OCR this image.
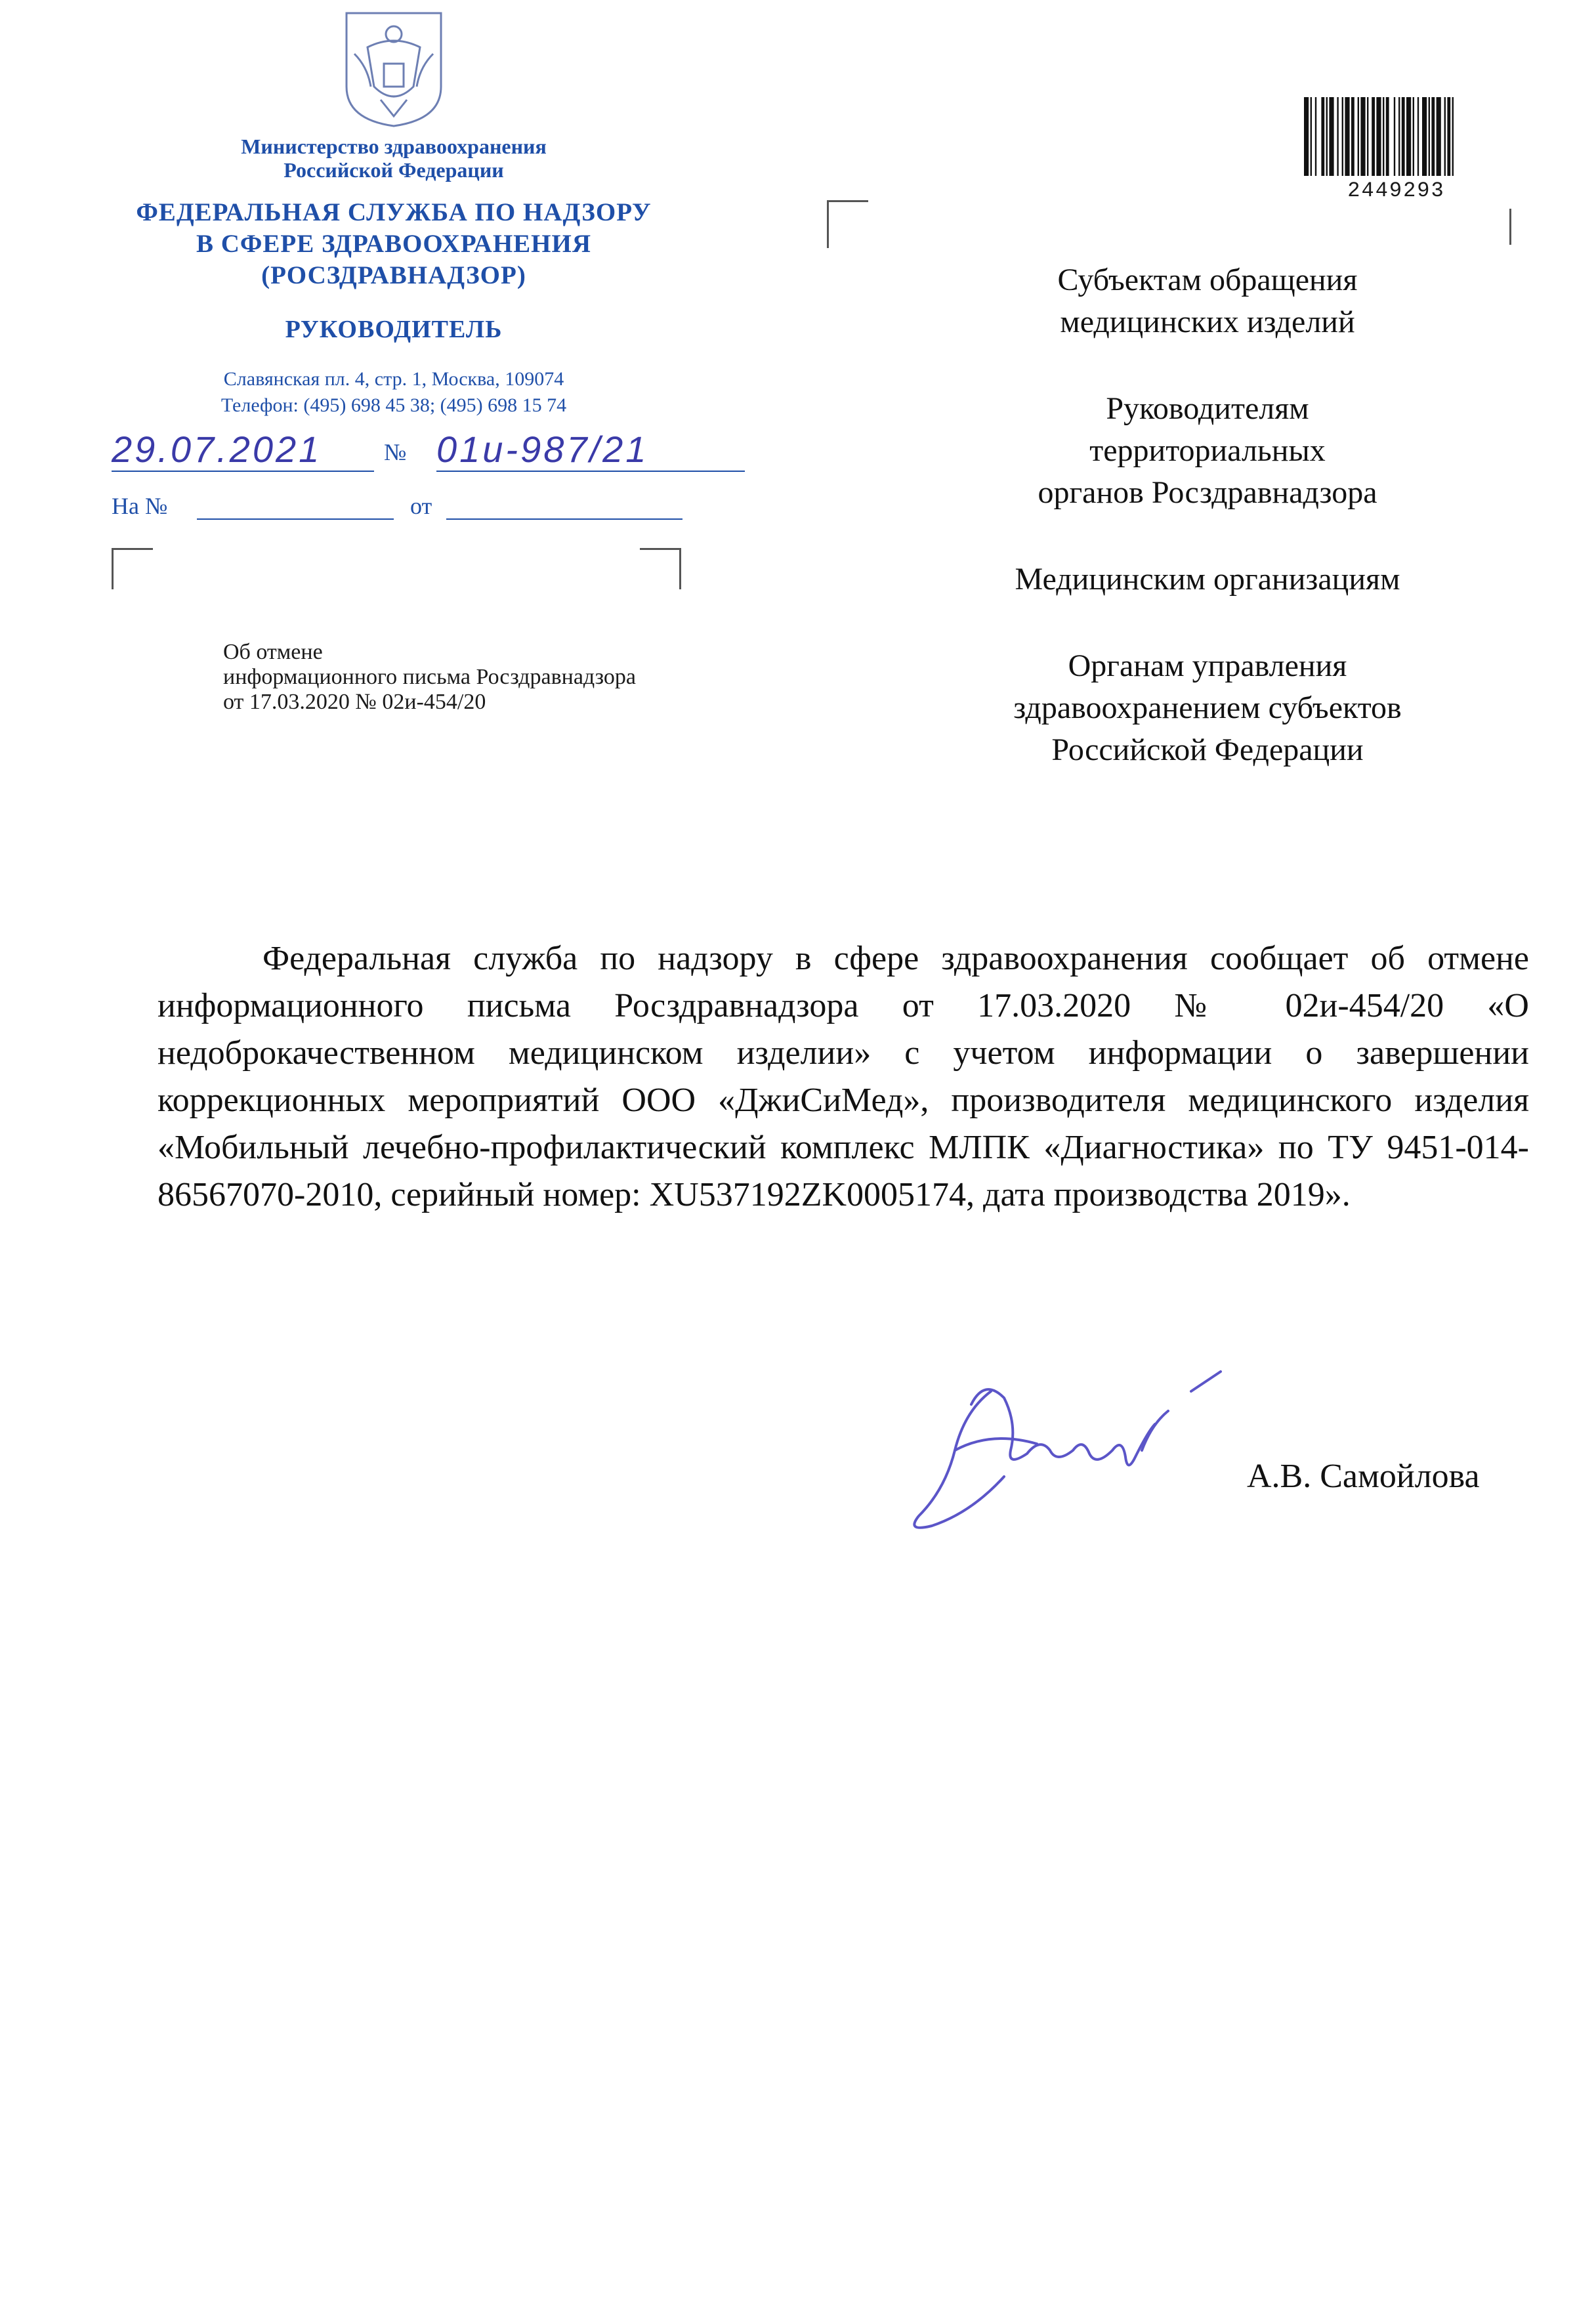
Министерство здравоохранения
Российской Федерации
ФЕДЕРАЛЬНАЯ СЛУЖБА ПО НАДЗОРУ
В СФЕРЕ ЗДРАВООХРАНЕНИЯ
(РОСЗДРАВНАДЗОР)
РУКОВОДИТЕЛЬ
Славянская пл. 4, стр. 1, Москва, 109074
Телефон: (495) 698 45 38; (495) 698 15 74
29.07.2021	№ 01и-987/21
На №	от
Об отмене
информационного письма Росздравнадзора
от 17.03.2020 № 02и-454/20
2449293
Субъектам обращения
медицинских изделий
Руководителям
территориальных
органов Росздравнадзора
Медицинским организациям
Органам управления
здравоохранением субъектов
Российской Федерации

Федеральная служба по надзору в сфере здравоохранения сообщает об отмене информационного письма Росздравнадзора от 17.03.2020 № 02и-454/20 «О недоброкачественном медицинском изделии» с учетом информации о завершении коррекционных мероприятий ООО «ДжиСиМед», производителя медицинского изделия «Мобильный лечебно-профилактический комплекс МЛПК «Диагностика» по ТУ 9451-014-86567070-2010, серийный номер: XU537192ZK0005174, дата производства 2019».

А.В. Самойлова
